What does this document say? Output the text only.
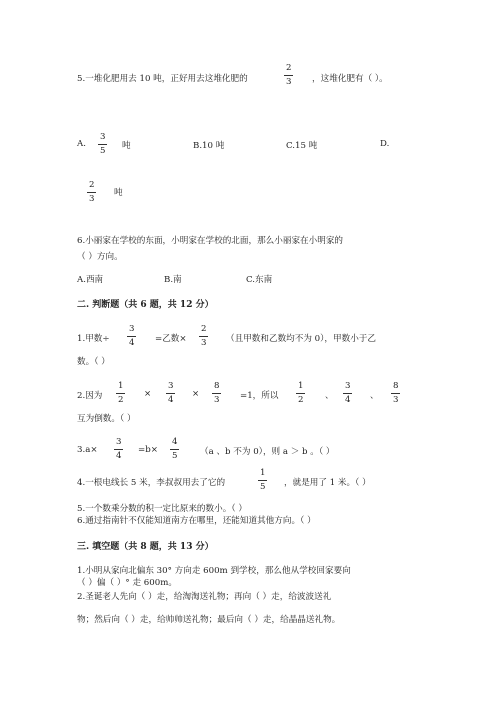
5.一堆化肥用去 10 吨，正好用去这堆化肥的
2
3 ，这堆化肥有（ ）。
A.
3
5 吨	B.10 吨	C.15 吨	D.
2
3
吨
6.小丽家在学校的东面，小明家在学校的北面，那么小丽家在小明家的
（ ）方向。
A.西南	B.南	C.东南
二. 判断题（共 6 题，共 12 分）
1.甲数÷
3
4 =乙数×
2
3 （且甲数和乙数均不为 0），甲数小于乙
数。（ ）
2.因为
1
2
×
3
4
×
8
3 =1，所以
1
2	、
3
4 、
8
3
互为倒数。（ ）
3.a×
3
4
=b×
4
5	（a 、b 不为 0），则 a ＞ b 。（ ）
4.一根电线长 5 米，李叔叔用去了它的
1
5 ，就是用了 1 米。（ ）
5.一个数乘分数的积一定比原来的数小。（ ）
6.通过指南针不仅能知道南方在哪里，还能知道其他方向。（ ）
三. 填空题（共 8 题，共 13 分）
1.小明从家向北偏东 30° 方向走 600m 到学校，那么他从学校回家要向
（ ）偏（ ）° 走 600m。
2.圣诞老人先向（ ）走，给淘淘送礼物；再向（ ）走，给波波送礼
物；然后向（ ）走，给帅帅送礼物；最后向（ ）走，给晶晶送礼物。
